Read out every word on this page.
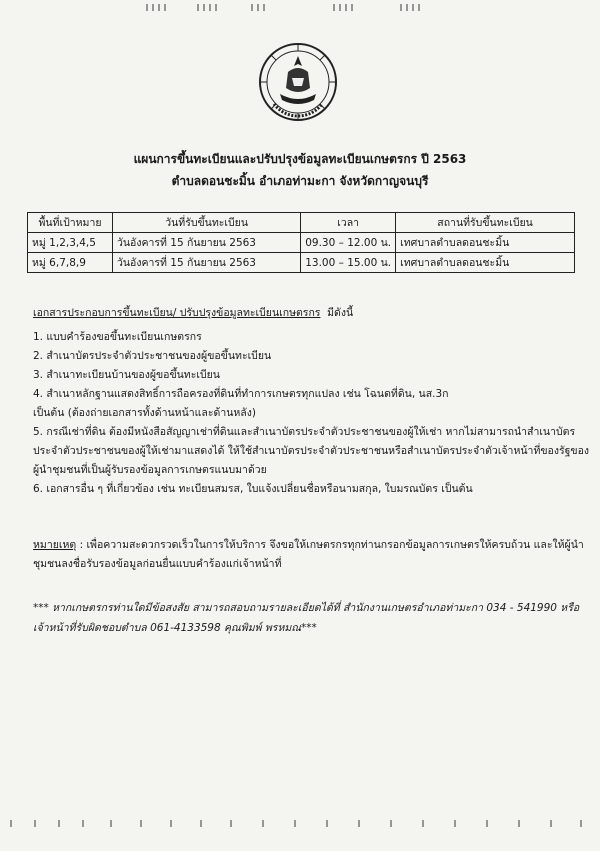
แผนการขึ้นทะเบียนและปรับปรุงข้อมูลทะเบียนเกษตรกร ปี 2563

ตำบลดอนชะมิ้น อำเภอท่ามะกา จังหวัดกาญจนบุรี

พื้นที่เป้าหมาย	วันที่รับขึ้นทะเบียน	เวลา	สถานที่รับขึ้นทะเบียน
หมู่ 1,2,3,4,5	วันอังคารที่ 15 กันยายน 2563	09.30 – 12.00 น.	เทศบาลตำบลดอนชะมิ้น
หมู่ 6,7,8,9	วันอังคารที่ 15 กันยายน 2563	13.00 – 15.00 น.	เทศบาลตำบลดอนชะมิ้น

เอกสารประกอบการขึ้นทะเบียน/ ปรับปรุงข้อมูลทะเบียนเกษตรกร มีดังนี้

1. แบบคำร้องขอขึ้นทะเบียนเกษตรกร

2. สำเนาบัตรประจำตัวประชาชนของผู้ขอขึ้นทะเบียน

3. สำเนาทะเบียนบ้านของผู้ขอขึ้นทะเบียน

4. สำเนาหลักฐานแสดงสิทธิ์การถือครองที่ดินที่ทำการเกษตรทุกแปลง เช่น โฉนดที่ดิน, นส.3ก

เป็นต้น (ต้องถ่ายเอกสารทั้งด้านหน้าและด้านหลัง)

5. กรณีเช่าที่ดิน ต้องมีหนังสือสัญญาเช่าที่ดินและสำเนาบัตรประจำตัวประชาชนของผู้ให้เช่า หากไม่สามารถนำสำเนาบัตร

ประจำตัวประชาชนของผู้ให้เช่ามาแสดงได้ ให้ใช้สำเนาบัตรประจำตัวประชาชนหรือสำเนาบัตรประจำตัวเจ้าหน้าที่ของรัฐของ

ผู้นำชุมชนที่เป็นผู้รับรองข้อมูลการเกษตรแนบมาด้วย

6. เอกสารอื่น ๆ ที่เกี่ยวข้อง เช่น ทะเบียนสมรส, ใบแจ้งเปลี่ยนชื่อหรือนามสกุล, ใบมรณบัตร เป็นต้น

หมายเหตุ : เพื่อความสะดวกรวดเร็วในการให้บริการ จึงขอให้เกษตรกรทุกท่านกรอกข้อมูลการเกษตรให้ครบถ้วน และให้ผู้นำ

ชุมชนลงชื่อรับรองข้อมูลก่อนยื่นแบบคำร้องแก่เจ้าหน้าที่

*** หากเกษตรกรท่านใดมีข้อสงสัย สามารถสอบถามรายละเอียดได้ที่ สำนักงานเกษตรอำเภอท่ามะกา 034 - 541990 หรือ

เจ้าหน้าที่รับผิดชอบตำบล 061-4133598 คุณพิมพ์ พรหมณ***
